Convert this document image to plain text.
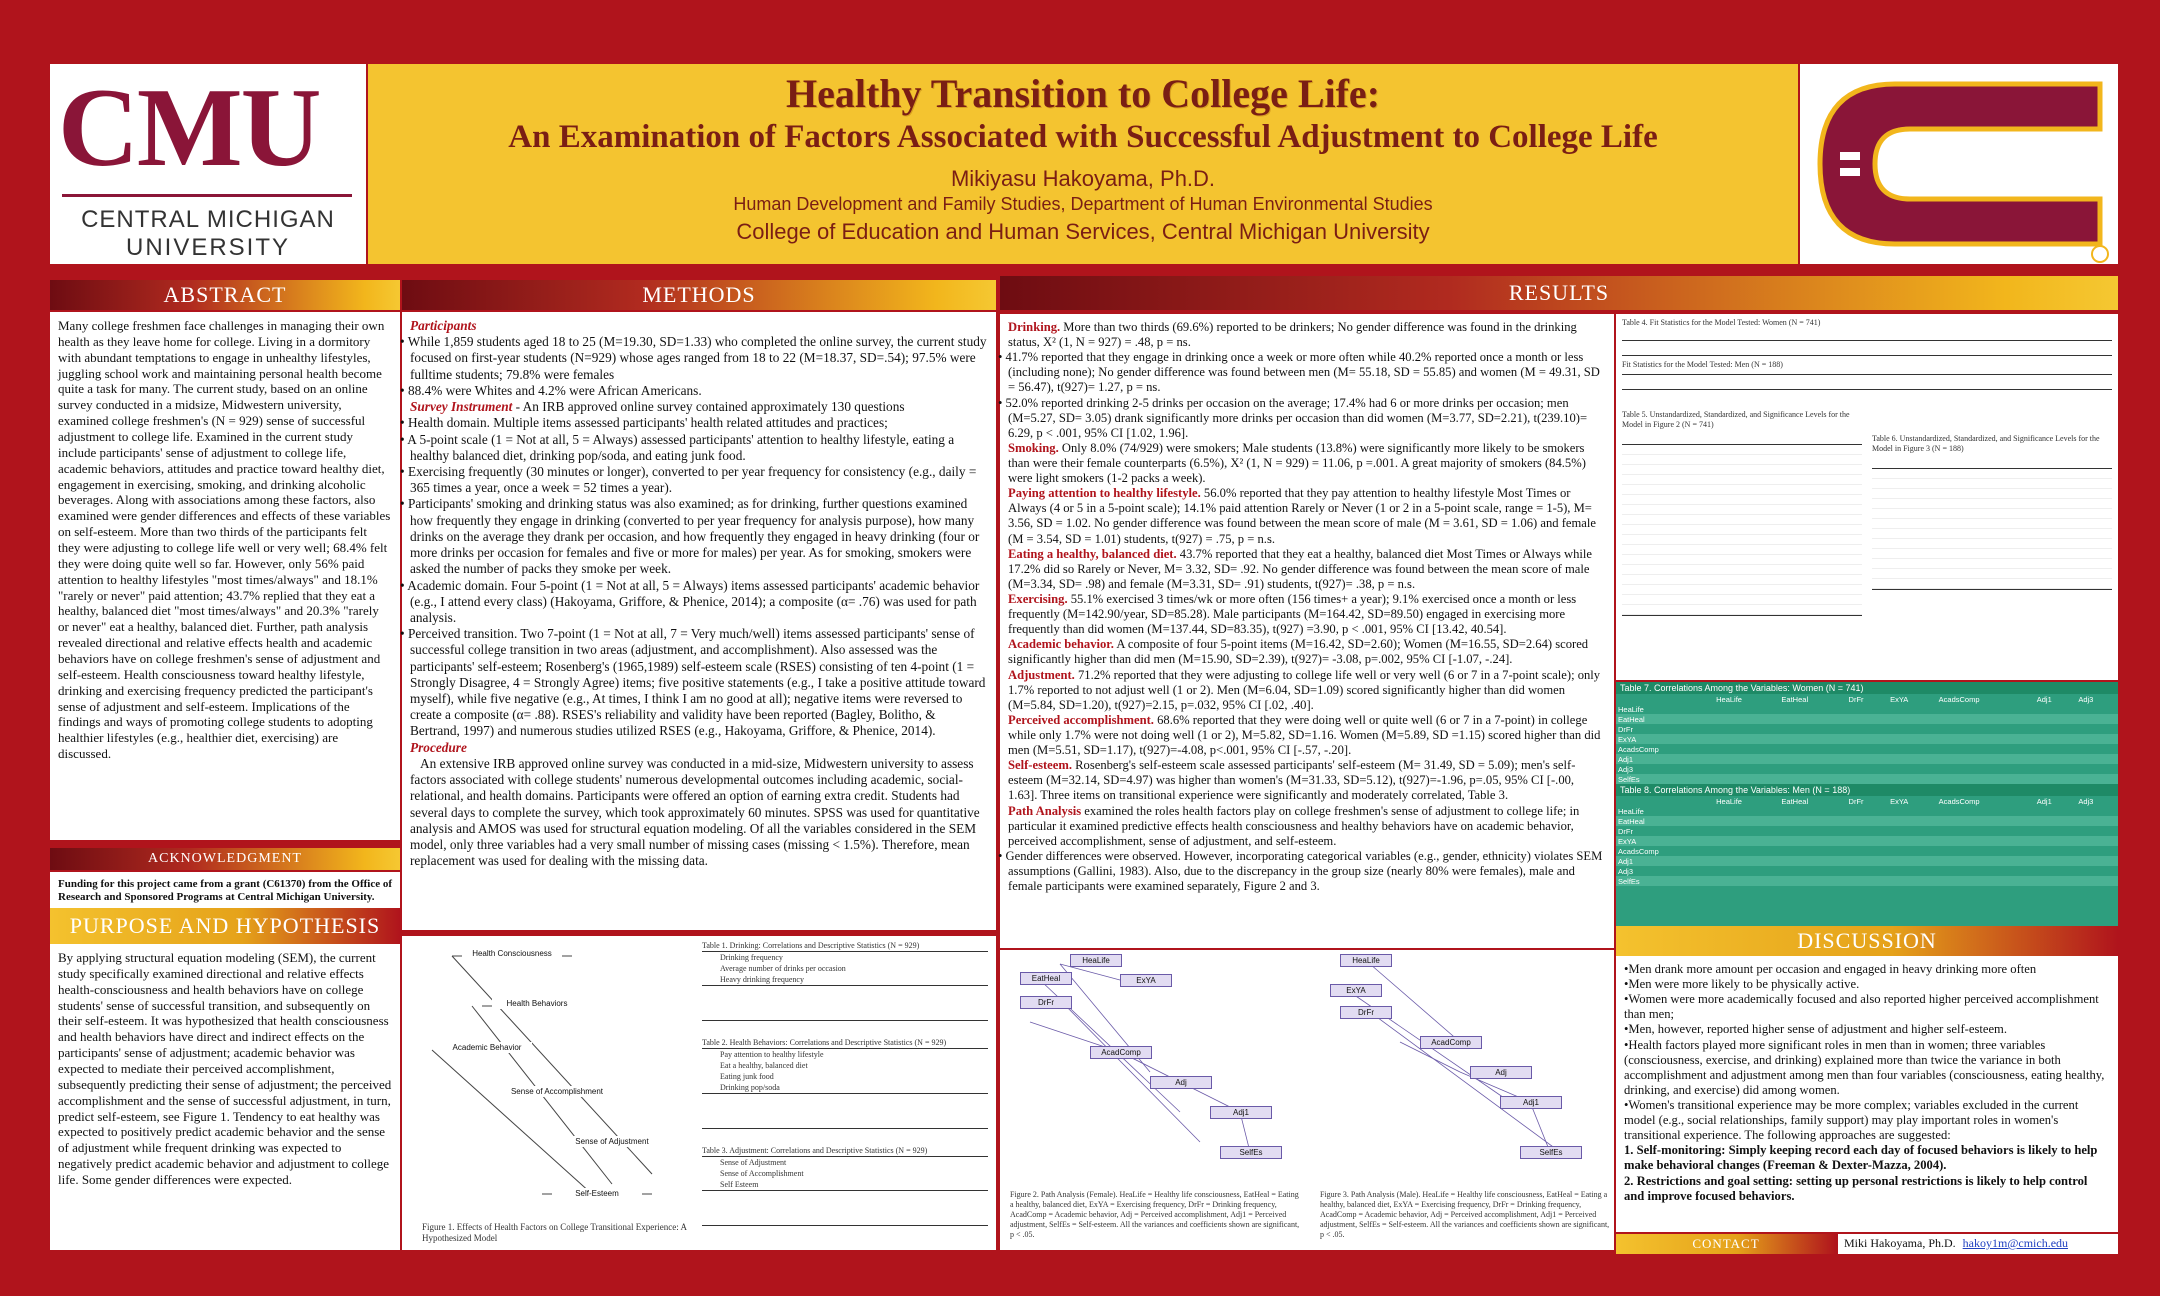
CMU
CENTRAL MICHIGAN
UNIVERSITY
Healthy Transition to College Life:
An Examination of Factors Associated with Successful Adjustment to College Life
Mikiyasu Hakoyama, Ph.D.
Human Development and Family Studies, Department of Human Environmental Studies
College of Education and Human Services, Central Michigan University
ABSTRACT

Many college freshmen face challenges in managing their own health as they leave home for college. Living in a dormitory with abundant temptations to engage in unhealthy lifestyles, juggling school work and maintaining personal health become quite a task for many. The current study, based on an online survey conducted in a midsize, Midwestern university, examined college freshmen's (N = 929) sense of successful adjustment to college life. Examined in the current study include participants' sense of adjustment to college life, academic behaviors, attitudes and practice toward healthy diet, engagement in exercising, smoking, and drinking alcoholic beverages. Along with associations among these factors, also examined were gender differences and effects of these variables on self-esteem. More than two thirds of the participants felt they were adjusting to college life well or very well; 68.4% felt they were doing quite well so far. However, only 56% paid attention to healthy lifestyles "most times/always" and 18.1% "rarely or never" paid attention; 43.7% replied that they eat a healthy, balanced diet "most times/always" and 20.3% "rarely or never" eat a healthy, balanced diet. Further, path analysis revealed directional and relative effects health and academic behaviors have on college freshmen's sense of adjustment and self-esteem. Health consciousness toward healthy lifestyle, drinking and exercising frequency predicted the participant's sense of adjustment and self-esteem. Implications of the findings and ways of promoting college students to adopting healthier lifestyles (e.g., healthier diet, exercising) are discussed.

ACKNOWLEDGMENT

Funding for this project came from a grant (C61370) from the Office of Research and Sponsored Programs at Central Michigan University.

PURPOSE AND HYPOTHESIS

By applying structural equation modeling (SEM), the current study specifically examined directional and relative effects health-consciousness and health behaviors have on college students' sense of successful transition, and subsequently on their self-esteem. It was hypothesized that health consciousness and health behaviors have direct and indirect effects on the participants' sense of adjustment; academic behavior was expected to mediate their perceived accomplishment, subsequently predicting their sense of adjustment; the perceived accomplishment and the sense of successful adjustment, in turn, predict self-esteem, see Figure 1. Tendency to eat healthy was expected to positively predict academic behavior and the sense of adjustment while frequent drinking was expected to negatively predict academic behavior and adjustment to college life. Some gender differences were expected.

METHODS

Participants

• While 1,859 students aged 18 to 25 (M=19.30, SD=1.33) who completed the online survey, the current study focused on first-year students (N=929) whose ages ranged from 18 to 22 (M=18.37, SD=.54); 97.5% were fulltime students; 79.8% were females

• 88.4% were Whites and 4.2% were African Americans.

Survey Instrument - An IRB approved online survey contained approximately 130 questions

• Health domain. Multiple items assessed participants' health related attitudes and practices;

• A 5-point scale (1 = Not at all, 5 = Always) assessed participants' attention to healthy lifestyle, eating a healthy balanced diet, drinking pop/soda, and eating junk food.

• Exercising frequently (30 minutes or longer), converted to per year frequency for consistency (e.g., daily = 365 times a year, once a week = 52 times a year).

• Participants' smoking and drinking status was also examined; as for drinking, further questions examined how frequently they engage in drinking (converted to per year frequency for analysis purpose), how many drinks on the average they drank per occasion, and how frequently they engaged in heavy drinking (four or more drinks per occasion for females and five or more for males) per year. As for smoking, smokers were asked the number of packs they smoke per week.

• Academic domain. Four 5-point (1 = Not at all, 5 = Always) items assessed participants' academic behavior (e.g., I attend every class) (Hakoyama, Griffore, & Phenice, 2014); a composite (α= .76) was used for path analysis.

• Perceived transition. Two 7-point (1 = Not at all, 7 = Very much/well) items assessed participants' sense of successful college transition in two areas (adjustment, and accomplishment). Also assessed was the participants' self-esteem; Rosenberg's (1965,1989) self-esteem scale (RSES) consisting of ten 4-point (1 = Strongly Disagree, 4 = Strongly Agree) items; five positive statements (e.g., I take a positive attitude toward myself), while five negative (e.g., At times, I think I am no good at all); negative items were reversed to create a composite (α= .88). RSES's reliability and validity have been reported (Bagley, Bolitho, & Bertrand, 1997) and numerous studies utilized RSES (e.g., Hakoyama, Griffore, & Phenice, 2014).

Procedure

An extensive IRB approved online survey was conducted in a mid-size, Midwestern university to assess factors associated with college students' numerous developmental outcomes including academic, social-relational, and health domains. Participants were offered an option of earning extra credit. Students had several days to complete the survey, which took approximately 60 minutes. SPSS was used for quantitative analysis and AMOS was used for structural equation modeling. Of all the variables considered in the SEM model, only three variables had a very small number of missing cases (missing < 1.5%). Therefore, mean replacement was used for dealing with the missing data.

Health Consciousness
Health Behaviors
Academic Behavior
Sense of Accomplishment
Sense of Adjustment
Self-Esteem
Figure 1. Effects of Health Factors on College Transitional Experience: A Hypothesized Model
Table 1. Drinking: Correlations and Descriptive Statistics (N = 929)
Drinking frequency
Average number of drinks per occasion
Heavy drinking frequency
Table 2. Health Behaviors: Correlations and Descriptive Statistics (N = 929)
Pay attention to healthy lifestyle
Eat a healthy, balanced diet
Eating junk food
Drinking pop/soda
Table 3. Adjustment: Correlations and Descriptive Statistics (N = 929)
Sense of Adjustment
Sense of Accomplishment
Self Esteem
RESULTS

Drinking. More than two thirds (69.6%) reported to be drinkers; No gender difference was found in the drinking status, X² (1, N = 927) = .48, p = ns.

• 41.7% reported that they engage in drinking once a week or more often while 40.2% reported once a month or less (including none); No gender difference was found between men (M= 55.18, SD = 55.85) and women (M = 49.31, SD = 56.47), t(927)= 1.27, p = ns.

• 52.0% reported drinking 2-5 drinks per occasion on the average; 17.4% had 6 or more drinks per occasion; men (M=5.27, SD= 3.05) drank significantly more drinks per occasion than did women (M=3.77, SD=2.21), t(239.10)= 6.29, p < .001, 95% CI [1.02, 1.96].

Smoking. Only 8.0% (74/929) were smokers; Male students (13.8%) were significantly more likely to be smokers than were their female counterparts (6.5%), X² (1, N = 929) = 11.06, p =.001. A great majority of smokers (84.5%) were light smokers (1-2 packs a week).

Paying attention to healthy lifestyle. 56.0% reported that they pay attention to healthy lifestyle Most Times or Always (4 or 5 in a 5-point scale); 14.1% paid attention Rarely or Never (1 or 2 in a 5-point scale, range = 1-5), M= 3.56, SD = 1.02. No gender difference was found between the mean score of male (M = 3.61, SD = 1.06) and female (M = 3.54, SD = 1.01) students, t(927) = .75, p = n.s.

Eating a healthy, balanced diet. 43.7% reported that they eat a healthy, balanced diet Most Times or Always while 17.2% did so Rarely or Never, M= 3.32, SD= .92. No gender difference was found between the mean score of male (M=3.34, SD= .98) and female (M=3.31, SD= .91) students, t(927)= .38, p = n.s.

Exercising. 55.1% exercised 3 times/wk or more often (156 times+ a year); 9.1% exercised once a month or less frequently (M=142.90/year, SD=85.28). Male participants (M=164.42, SD=89.50) engaged in exercising more frequently than did women (M=137.44, SD=83.35), t(927) =3.90, p < .001, 95% CI [13.42, 40.54].

Academic behavior. A composite of four 5-point items (M=16.42, SD=2.60); Women (M=16.55, SD=2.64) scored significantly higher than did men (M=15.90, SD=2.39), t(927)= -3.08, p=.002, 95% CI [-1.07, -.24].

Adjustment. 71.2% reported that they were adjusting to college life well or very well (6 or 7 in a 7-point scale); only 1.7% reported to not adjust well (1 or 2). Men (M=6.04, SD=1.09) scored significantly higher than did women (M=5.84, SD=1.20), t(927)=2.15, p=.032, 95% CI [.02, .40].

Perceived accomplishment. 68.6% reported that they were doing well or quite well (6 or 7 in a 7-point) in college while only 1.7% were not doing well (1 or 2), M=5.82, SD=1.16. Women (M=5.89, SD =1.15) scored higher than did men (M=5.51, SD=1.17), t(927)=-4.08, p<.001, 95% CI [-.57, -.20].

Self-esteem. Rosenberg's self-esteem scale assessed participants' self-esteem (M= 31.49, SD = 5.09); men's self-esteem (M=32.14, SD=4.97) was higher than women's (M=31.33, SD=5.12), t(927)=-1.96, p=.05, 95% CI [-.00, 1.63]. Three items on transitional experience were significantly and moderately correlated, Table 3.

Path Analysis examined the roles health factors play on college freshmen's sense of adjustment to college life; in particular it examined predictive effects health consciousness and healthy behaviors have on academic behavior, perceived accomplishment, sense of adjustment, and self-esteem.

• Gender differences were observed. However, incorporating categorical variables (e.g., gender, ethnicity) violates SEM assumptions (Gallini, 1983). Also, due to the discrepancy in the group size (nearly 80% were females), male and female participants were examined separately, Figure 2 and 3.

HeaLife
EatHeal	ExYA
DrFr
AcadComp
Adj
Adj1
SelfEs
Figure 2. Path Analysis (Female). HeaLife = Healthy life consciousness, EatHeal = Eating a healthy, balanced diet, ExYA = Exercising frequency, DrFr = Drinking frequency, AcadComp = Academic behavior, Adj = Perceived accomplishment, Adj1 = Perceived adjustment, SelfEs = Self-esteem. All the variances and coefficients shown are significant, p < .05.
HeaLife
ExYA
DrFr
AcadComp
Adj
Adj1
SelfEs
Figure 3. Path Analysis (Male). HeaLife = Healthy life consciousness, EatHeal = Eating a healthy, balanced diet, ExYA = Exercising frequency, DrFr = Drinking frequency, AcadComp = Academic behavior, Adj = Perceived accomplishment, Adj1 = Perceived adjustment, SelfEs = Self-esteem. All the variances and coefficients shown are significant, p < .05.
Table 4. Fit Statistics for the Model Tested: Women (N = 741)
Fit Statistics for the Model Tested: Men (N = 188)
Table 5. Unstandardized, Standardized, and Significance Levels for the Model in Figure 2 (N = 741)
Table 6. Unstandardized, Standardized, and Significance Levels for the Model in Figure 3 (N = 188)
Table 7. Correlations Among the Variables: Women (N = 741)
	HeaLife	EatHeal	DrFr	ExYA	AcadsComp	Adj1	Adj3
HeaLife							
EatHeal							
DrFr							
ExYA							
AcadsComp							
Adj1							
Adj3							
SelfEs							
Table 8. Correlations Among the Variables: Men (N = 188)
	HeaLife	EatHeal	DrFr	ExYA	AcadsComp	Adj1	Adj3
HeaLife							
EatHeal							
DrFr							
ExYA							
AcadsComp							
Adj1							
Adj3							
SelfEs							
DISCUSSION

•Men drank more amount per occasion and engaged in heavy drinking more often

•Men were more likely to be physically active.

•Women were more academically focused and also reported higher perceived accomplishment than men;

•Men, however, reported higher sense of adjustment and higher self-esteem.

•Health factors played more significant roles in men than in women; three variables (consciousness, exercise, and drinking) explained more than twice the variance in both accomplishment and adjustment among men than four variables (consciousness, eating healthy, drinking, and exercise) did among women.

•Women's transitional experience may be more complex; variables excluded in the current model (e.g., social relationships, family support) may play important roles in women's transitional experience. The following approaches are suggested:

1. Self-monitoring: Simply keeping record each day of focused behaviors is likely to help make behavioral changes (Freeman & Dexter-Mazza, 2004).

2. Restrictions and goal setting: setting up personal restrictions is likely to help control and improve focused behaviors.

CONTACT	Miki Hakoyama, Ph.D. hakoy1m@cmich.edu
